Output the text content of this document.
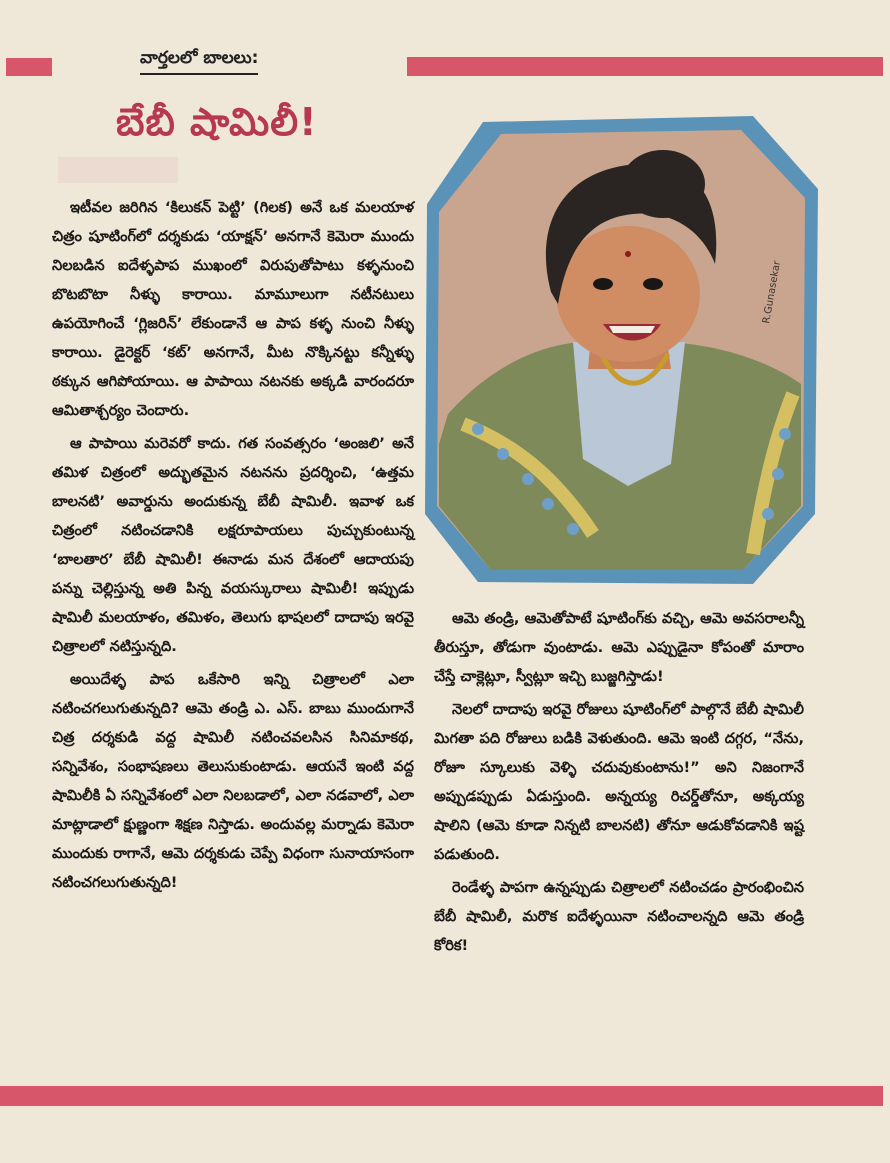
వార్తలలో బాలలు:
బేబీ షామిలీ!

ఇటీవల జరిగిన ‘కిలుకన్ పెట్టి’ (గిలక) అనే ఒక మలయాళ చిత్రం షూటింగ్‌లో దర్శకుడు ‘యాక్షన్’ అనగానే కెమెరా ముందు నిలబడిన ఐదేళ్ళపాప ముఖంలో విరుపుతోపాటు కళ్ళనుంచి బొటబొటా నీళ్ళు కారాయి. మామూలుగా నటీనటులు ఉపయోగించే ‘గ్లిజరిన్’ లేకుండానే ఆ పాప కళ్ళ నుంచి నీళ్ళు కారాయి. డైరెక్టర్ ‘కట్’ అనగానే, మీట నొక్కినట్టు కన్నీళ్ళు ఠక్కున ఆగిపోయాయి. ఆ పాపాయి నటనకు అక్కడి వారందరూ ఆమితాశ్చర్యం చెందారు.

ఆ పాపాయి మరెవరో కాదు. గత సంవత్సరం ‘అంజలి’ అనే తమిళ చిత్రంలో అద్భుతమైన నటనను ప్రదర్శించి, ‘ఉత్తమ బాలనటి’ అవార్డును అందుకున్న బేబీ షామిలీ. ఇవాళ ఒక చిత్రంలో నటించడానికి లక్షరూపాయలు పుచ్చుకుంటున్న ‘బాలతార’ బేబీ షామిలీ! ఈనాడు మన దేశంలో ఆదాయపు పన్ను చెల్లిస్తున్న అతి పిన్న వయస్కురాలు షామిలీ! ఇప్పుడు షామిలీ మలయాళం, తమిళం, తెలుగు భాషలలో దాదాపు ఇరవై చిత్రాలలో నటిస్తున్నది.

అయిదేళ్ళ పాప ఒకేసారి ఇన్ని చిత్రాలలో ఎలా నటించగలుగుతున్నది? ఆమె తండ్రి ఎ. ఎస్. బాబు ముందుగానే చిత్ర దర్శకుడి వద్ద షామిలీ నటించవలసిన సినిమాకథ, సన్నివేశం, సంభాషణలు తెలుసుకుంటాడు. ఆయనే ఇంటి వద్ద షామిలీకి ఏ సన్నివేశంలో ఎలా నిలబడాలో, ఎలా నడవాలో, ఎలా మాట్లాడాలో క్షుణ్ణంగా శిక్షణ నిస్తాడు. అందువల్ల మర్నాడు కెమెరా ముందుకు రాగానే, ఆమె దర్శకుడు చెప్పే విధంగా సునాయాసంగా నటించగలుగుతున్నది!

R.Gunasekar

ఆమె తండ్రి, ఆమెతోపాటే షూటింగ్‌కు వచ్చి, ఆమె అవసరాలన్నీ తీరుస్తూ, తోడుగా వుంటాడు. ఆమె ఎప్పుడైనా కోపంతో మారాం చేస్తే చాక్లెట్లూ, స్వీట్లూ ఇచ్చి బుజ్జగిస్తాడు!

నెలలో దాదాపు ఇరవై రోజులు షూటింగ్‌లో పాల్గొనే బేబీ షామిలీ మిగతా పది రోజులు బడికి వెళుతుంది. ఆమె ఇంటి దగ్గర, “నేను, రోజూ స్కూలుకు వెళ్ళి చదువుకుంటాను!” అని నిజంగానే అప్పుడప్పుడు ఏడుస్తుంది. అన్నయ్య రిచర్డ్‌తోనూ, అక్కయ్య షాలిని (ఆమె కూడా నిన్నటి బాలనటి) తోనూ ఆడుకోవడానికి ఇష్ట పడుతుంది.

రెండేళ్ళ పాపగా ఉన్నప్పుడు చిత్రాలలో నటించడం ప్రారంభించిన బేబీ షామిలీ, మరొక ఐదేళ్ళయినా నటించాలన్నది ఆమె తండ్రి కోరిక!
